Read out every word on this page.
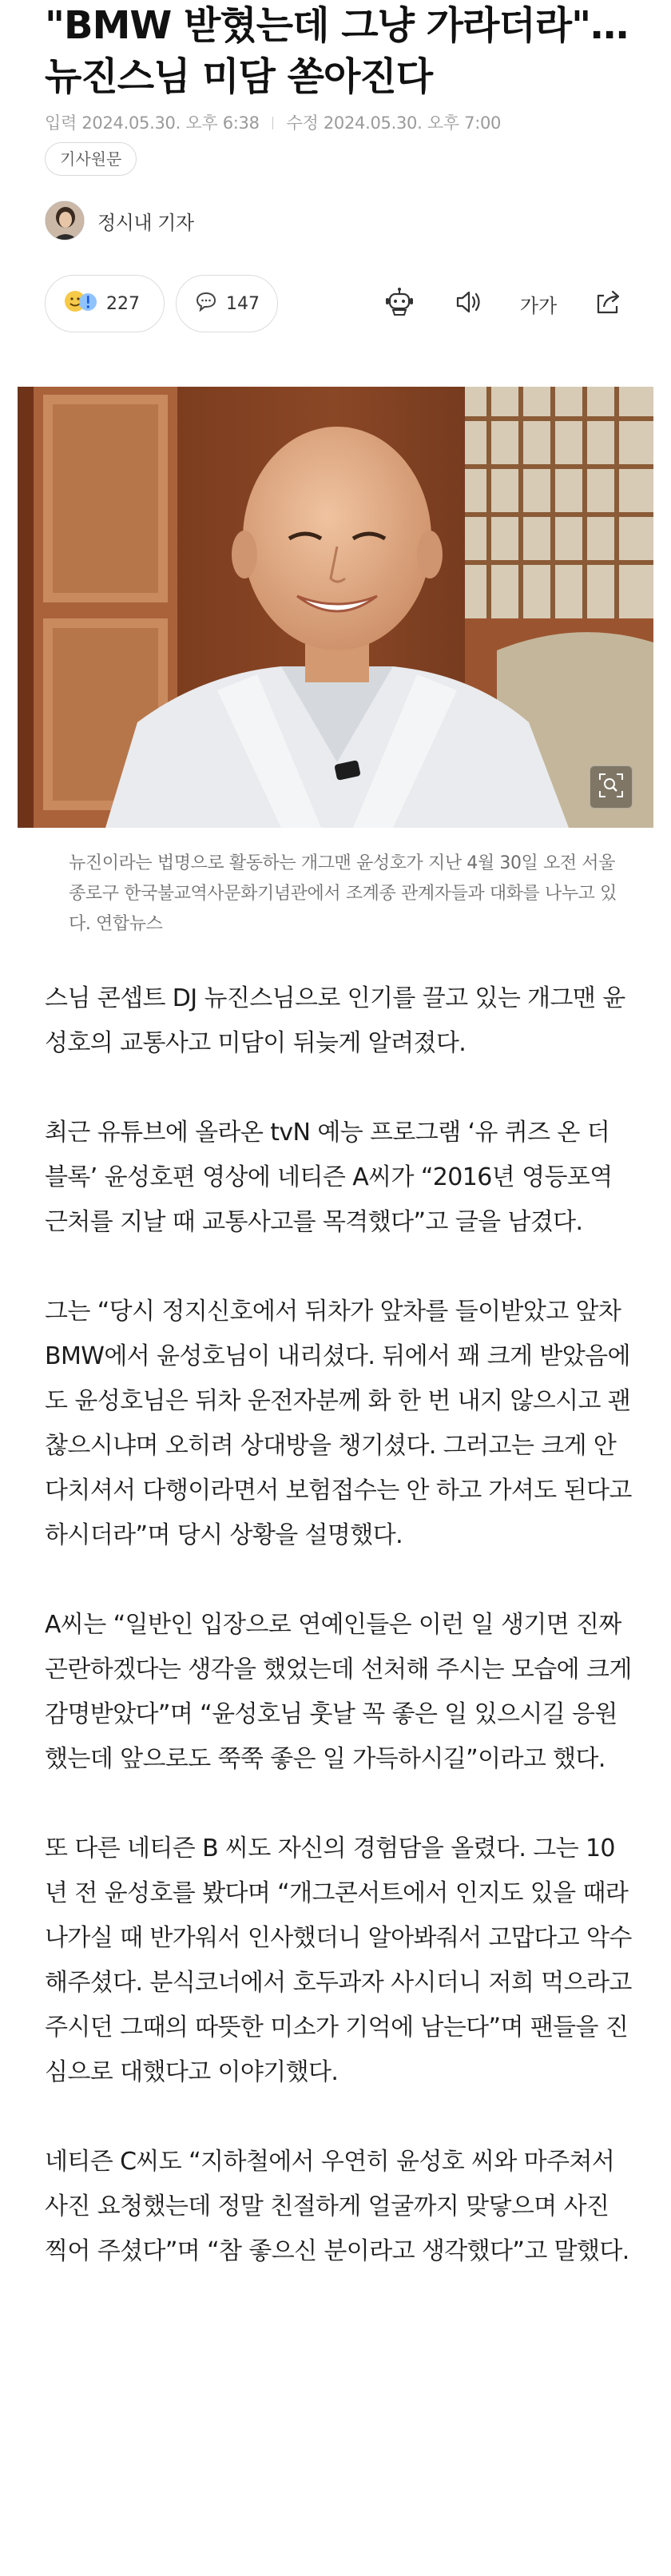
"BMW 받혔는데 그냥 가라더라"…뉴진스님 미담 쏟아진다
입력 2024.05.30. 오후 6:38 수정 2024.05.30. 오후 7:00
기사원문
정시내 기자
227	147	가가
뉴진이라는 법명으로 활동하는 개그맨 윤성호가 지난 4월 30일 오전 서울 종로구 한국불교역사문화기념관에서 조계종 관계자들과 대화를 나누고 있다. 연합뉴스

스님 콘셉트 DJ 뉴진스님으로 인기를 끌고 있는 개그맨 윤성호의 교통사고 미담이 뒤늦게 알려졌다.

최근 유튜브에 올라온 tvN 예능 프로그램 ‘유 퀴즈 온 더 블록’ 윤성호편 영상에 네티즌 A씨가 “2016년 영등포역 근처를 지날 때 교통사고를 목격했다”고 글을 남겼다.

그는 “당시 정지신호에서 뒤차가 앞차를 들이받았고 앞차 BMW에서 윤성호님이 내리셨다. 뒤에서 꽤 크게 받았음에도 윤성호님은 뒤차 운전자분께 화 한 번 내지 않으시고 괜찮으시냐며 오히려 상대방을 챙기셨다. 그러고는 크게 안 다치셔서 다행이라면서 보험접수는 안 하고 가셔도 된다고 하시더라”며 당시 상황을 설명했다.

A씨는 “일반인 입장으로 연예인들은 이런 일 생기면 진짜 곤란하겠다는 생각을 했었는데 선처해 주시는 모습에 크게 감명받았다”며 “윤성호님 훗날 꼭 좋은 일 있으시길 응원했는데 앞으로도 쭉쭉 좋은 일 가득하시길”이라고 했다.

또 다른 네티즌 B 씨도 자신의 경험담을 올렸다. 그는 10년 전 윤성호를 봤다며 “개그콘서트에서 인지도 있을 때라 나가실 때 반가워서 인사했더니 알아봐줘서 고맙다고 악수해주셨다. 분식코너에서 호두과자 사시더니 저희 먹으라고 주시던 그때의 따뜻한 미소가 기억에 남는다”며 팬들을 진심으로 대했다고 이야기했다.

네티즌 C씨도 “지하철에서 우연히 윤성호 씨와 마주쳐서 사진 요청했는데 정말 친절하게 얼굴까지 맞닿으며 사진 찍어 주셨다”며 “참 좋으신 분이라고 생각했다”고 말했다.
